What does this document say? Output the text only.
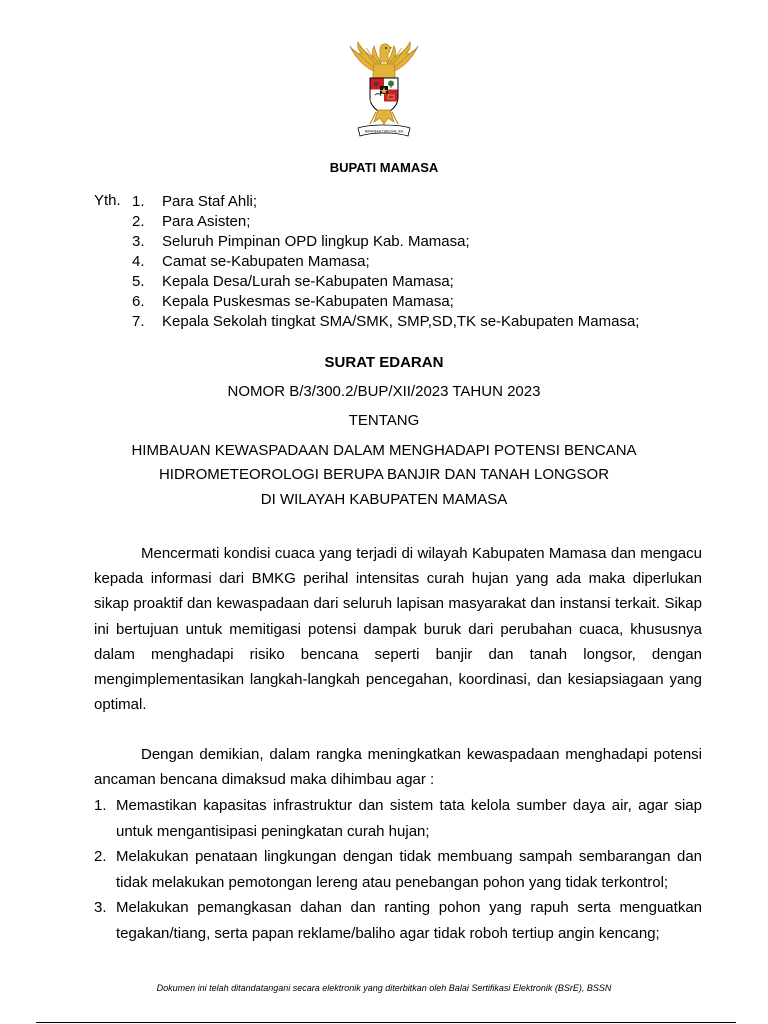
BHINNEKA TUNGGAL IKA
BUPATI MAMASA
Yth. 1.	Para Staf Ahli;
2.	Para Asisten;
3.	Seluruh Pimpinan OPD lingkup Kab. Mamasa;
4.	Camat se-Kabupaten Mamasa;
5.	Kepala Desa/Lurah se-Kabupaten Mamasa;
6.	Kepala Puskesmas se-Kabupaten Mamasa;
7.	Kepala Sekolah tingkat SMA/SMK, SMP,SD,TK se-Kabupaten Mamasa;
SURAT EDARAN
NOMOR B/3/300.2/BUP/XII/2023 TAHUN 2023
TENTANG
HIMBAUAN KEWASPADAAN DALAM MENGHADAPI POTENSI BENCANA
HIDROMETEOROLOGI BERUPA BANJIR DAN TANAH LONGSOR
DI WILAYAH KABUPATEN MAMASA

Mencermati kondisi cuaca yang terjadi di wilayah Kabupaten Mamasa dan mengacu kepada informasi dari BMKG perihal intensitas curah hujan yang ada maka diperlukan sikap proaktif dan kewaspadaan dari seluruh lapisan masyarakat dan instansi terkait. Sikap ini bertujuan untuk memitigasi potensi dampak buruk dari perubahan cuaca, khususnya dalam menghadapi risiko bencana seperti banjir dan tanah longsor, dengan mengimplementasikan langkah-langkah pencegahan, koordinasi, dan kesiapsiagaan yang optimal.

Dengan demikian, dalam rangka meningkatkan kewaspadaan menghadapi potensi ancaman bencana dimaksud maka dihimbau agar :

1. Memastikan kapasitas infrastruktur dan sistem tata kelola sumber daya air, agar siap untuk mengantisipasi peningkatan curah hujan;
2. Melakukan penataan lingkungan dengan tidak membuang sampah sembarangan dan tidak melakukan pemotongan lereng atau penebangan pohon yang tidak terkontrol;
3. Melakukan pemangkasan dahan dan ranting pohon yang rapuh serta menguatkan tegakan/tiang, serta papan reklame/baliho agar tidak roboh tertiup angin kencang;
Dokumen ini telah ditandatangani secara elektronik yang diterbitkan oleh Balai Sertifikasi Elektronik (BSrE), BSSN
